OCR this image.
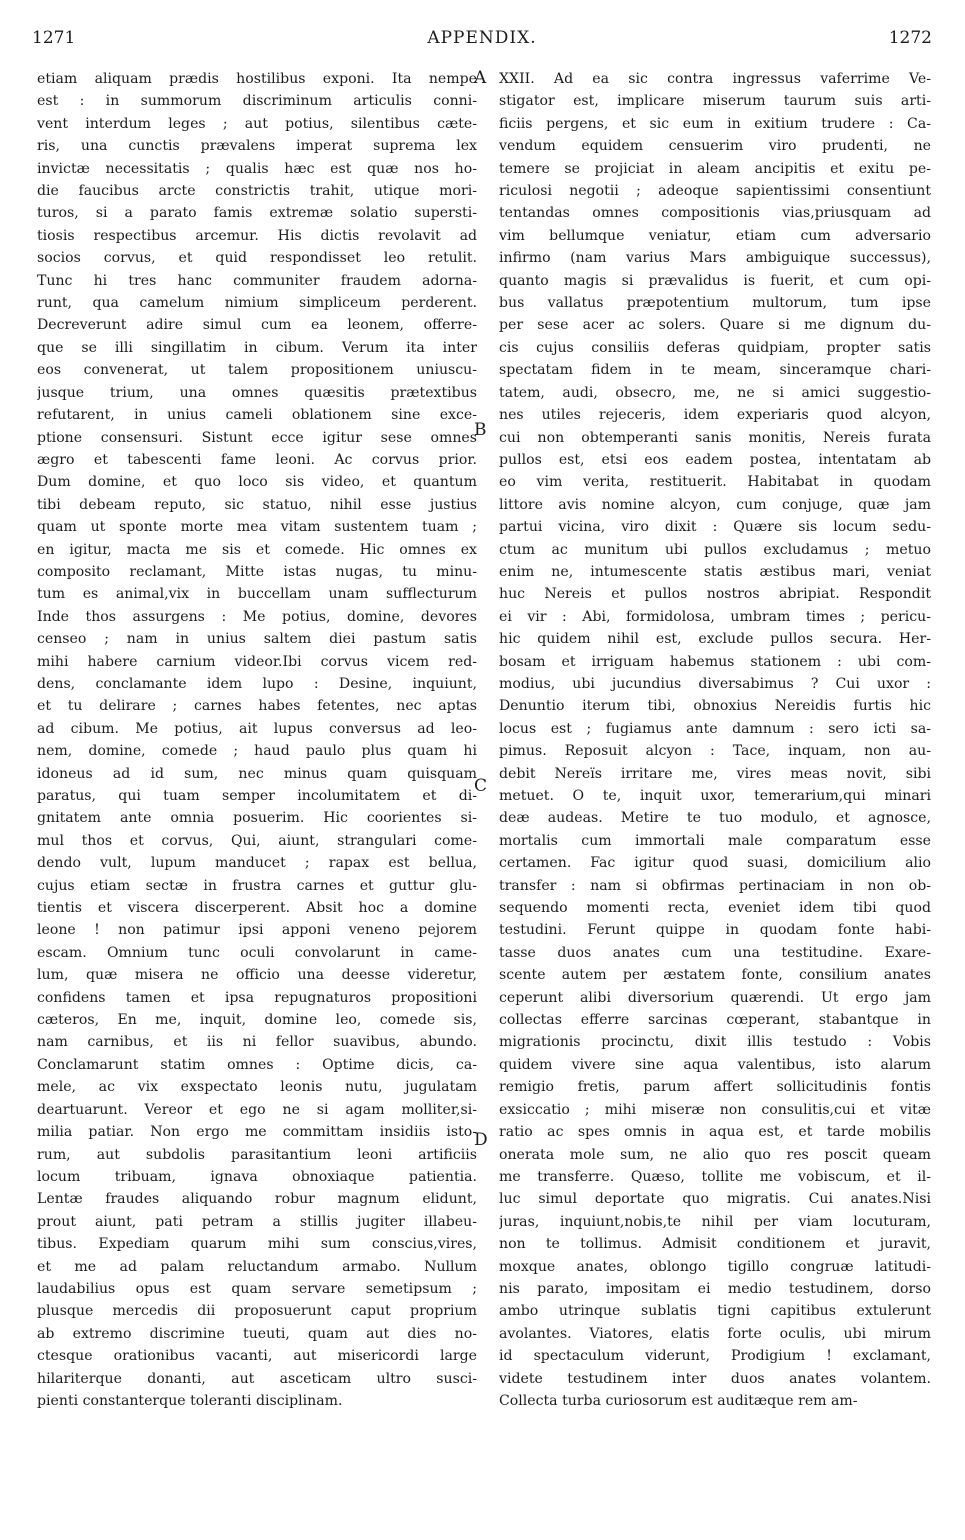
1271	APPENDIX.	1272
A
B
C
D
etiam aliquam prædis hostilibus exponi. Ita nempe
est : in summorum discriminum articulis conni-
vent interdum leges ; aut potius, silentibus cæte-
ris, una cunctis prævalens imperat suprema lex
invictæ necessitatis ; qualis hæc est quæ nos ho-
die faucibus arcte constrictis trahit, utique mori-
turos, si a parato famis extremæ solatio supersti-
tiosis respectibus arcemur. His dictis revolavit ad
socios corvus, et quid respondisset leo retulit.
Tunc hi tres hanc communiter fraudem adorna-
runt, qua camelum nimium simpliceum perderent.
Decreverunt adire simul cum ea leonem, offerre-
que se illi singillatim in cibum. Verum ita inter
eos convenerat, ut talem propositionem uniuscu-
jusque trium, una omnes quæsitis prætextibus
refutarent, in unius cameli oblationem sine exce-
ptione consensuri. Sistunt ecce igitur sese omnes
ægro et tabescenti fame leoni. Ac corvus prior.
Dum domine, et quo loco sis video, et quantum
tibi debeam reputo, sic statuo, nihil esse justius
quam ut sponte morte mea vitam sustentem tuam ;
en igitur, macta me sis et comede. Hic omnes ex
composito reclamant, Mitte istas nugas, tu minu-
tum es animal,vix in buccellam unam sufflecturum
Inde thos assurgens : Me potius, domine, devores
censeo ; nam in unius saltem diei pastum satis
mihi habere carnium videor.Ibi corvus vicem red-
dens, conclamante idem lupo : Desine, inquiunt,
et tu delirare ; carnes habes fetentes, nec aptas
ad cibum. Me potius, ait lupus conversus ad leo-
nem, domine, comede ; haud paulo plus quam hi
idoneus ad id sum, nec minus quam quisquam
paratus, qui tuam semper incolumitatem et di-
gnitatem ante omnia posuerim. Hic coorientes si-
mul thos et corvus, Qui, aiunt, strangulari come-
dendo vult, lupum manducet ; rapax est bellua,
cujus etiam sectæ in frustra carnes et guttur glu-
tientis et viscera discerperent. Absit hoc a domine
leone ! non patimur ipsi apponi veneno pejorem
escam. Omnium tunc oculi convolarunt in came-
lum, quæ misera ne officio una deesse videretur,
confidens tamen et ipsa repugnaturos propositioni
cæteros, En me, inquit, domine leo, comede sis,
nam carnibus, et iis ni fellor suavibus, abundo.
Conclamarunt statim omnes : Optime dicis, ca-
mele, ac vix exspectato leonis nutu, jugulatam
deartuarunt. Vereor et ego ne si agam molliter,si-
milia patiar. Non ergo me committam insidiis isto-
rum, aut subdolis parasitantium leoni artificiis
locum tribuam, ignava obnoxiaque patientia.
Lentæ fraudes aliquando robur magnum elidunt,
prout aiunt, pati petram a stillis jugiter illabeu-
tibus. Expediam quarum mihi sum conscius,vires,
et me ad palam reluctandum armabo. Nullum
laudabilius opus est quam servare semetipsum ;
plusque mercedis dii proposuerunt caput proprium
ab extremo discrimine tueuti, quam aut dies no-
ctesque orationibus vacanti, aut misericordi large
hilariterque donanti, aut asceticam ultro susci-
pienti constanterque toleranti disciplinam.
XXII. Ad ea sic contra ingressus vaferrime Ve-
stigator est, implicare miserum taurum suis arti-
ficiis pergens, et sic eum in exitium trudere : Ca-
vendum equidem censuerim viro prudenti, ne
temere se projiciat in aleam ancipitis et exitu pe-
riculosi negotii ; adeoque sapientissimi consentiunt
tentandas omnes compositionis vias,priusquam ad
vim bellumque veniatur, etiam cum adversario
infirmo (nam varius Mars ambiguique successus),
quanto magis si prævalidus is fuerit, et cum opi-
bus vallatus præpotentium multorum, tum ipse
per sese acer ac solers. Quare si me dignum du-
cis cujus consiliis deferas quidpiam, propter satis
spectatam fidem in te meam, sinceramque chari-
tatem, audi, obsecro, me, ne si amici suggestio-
nes utiles rejeceris, idem experiaris quod alcyon,
cui non obtemperanti sanis monitis, Nereis furata
pullos est, etsi eos eadem postea, intentatam ab
eo vim verita, restituerit. Habitabat in quodam
littore avis nomine alcyon, cum conjuge, quæ jam
partui vicina, viro dixit : Quære sis locum sedu-
ctum ac munitum ubi pullos excludamus ; metuo
enim ne, intumescente statis æstibus mari, veniat
huc Nereis et pullos nostros abripiat. Respondit
ei vir : Abi, formidolosa, umbram times ; pericu-
hic quidem nihil est, exclude pullos secura. Her-
bosam et irriguam habemus stationem : ubi com-
modius, ubi jucundius diversabimus ? Cui uxor :
Denuntio iterum tibi, obnoxius Nereidis furtis hic
locus est ; fugiamus ante damnum : sero icti sa-
pimus. Reposuit alcyon : Tace, inquam, non au-
debit Nereïs irritare me, vires meas novit, sibi
metuet. O te, inquit uxor, temerarium,qui minari
deæ audeas. Metire te tuo modulo, et agnosce,
mortalis cum immortali male comparatum esse
certamen. Fac igitur quod suasi, domicilium alio
transfer : nam si obfirmas pertinaciam in non ob-
sequendo momenti recta, eveniet idem tibi quod
testudini. Ferunt quippe in quodam fonte habi-
tasse duos anates cum una testitudine. Exare-
scente autem per æstatem fonte, consilium anates
ceperunt alibi diversorium quærendi. Ut ergo jam
collectas efferre sarcinas cœperant, stabantque in
migrationis procinctu, dixit illis testudo : Vobis
quidem vivere sine aqua valentibus, isto alarum
remigio fretis, parum affert sollicitudinis fontis
exsiccatio ; mihi miseræ non consulitis,cui et vitæ
ratio ac spes omnis in aqua est, et tarde mobilis
onerata mole sum, ne alio quo res poscit queam
me transferre. Quæso, tollite me vobiscum, et il-
luc simul deportate quo migratis. Cui anates.Nisi
juras, inquiunt,nobis,te nihil per viam locuturam,
non te tollimus. Admisit conditionem et juravit,
moxque anates, oblongo tigillo congruæ latitudi-
nis parato, impositam ei medio testudinem, dorso
ambo utrinque sublatis tigni capitibus extulerunt
avolantes. Viatores, elatis forte oculis, ubi mirum
id spectaculum viderunt, Prodigium ! exclamant,
videte testudinem inter duos anates volantem.
Collecta turba curiosorum est auditæque rem am-
